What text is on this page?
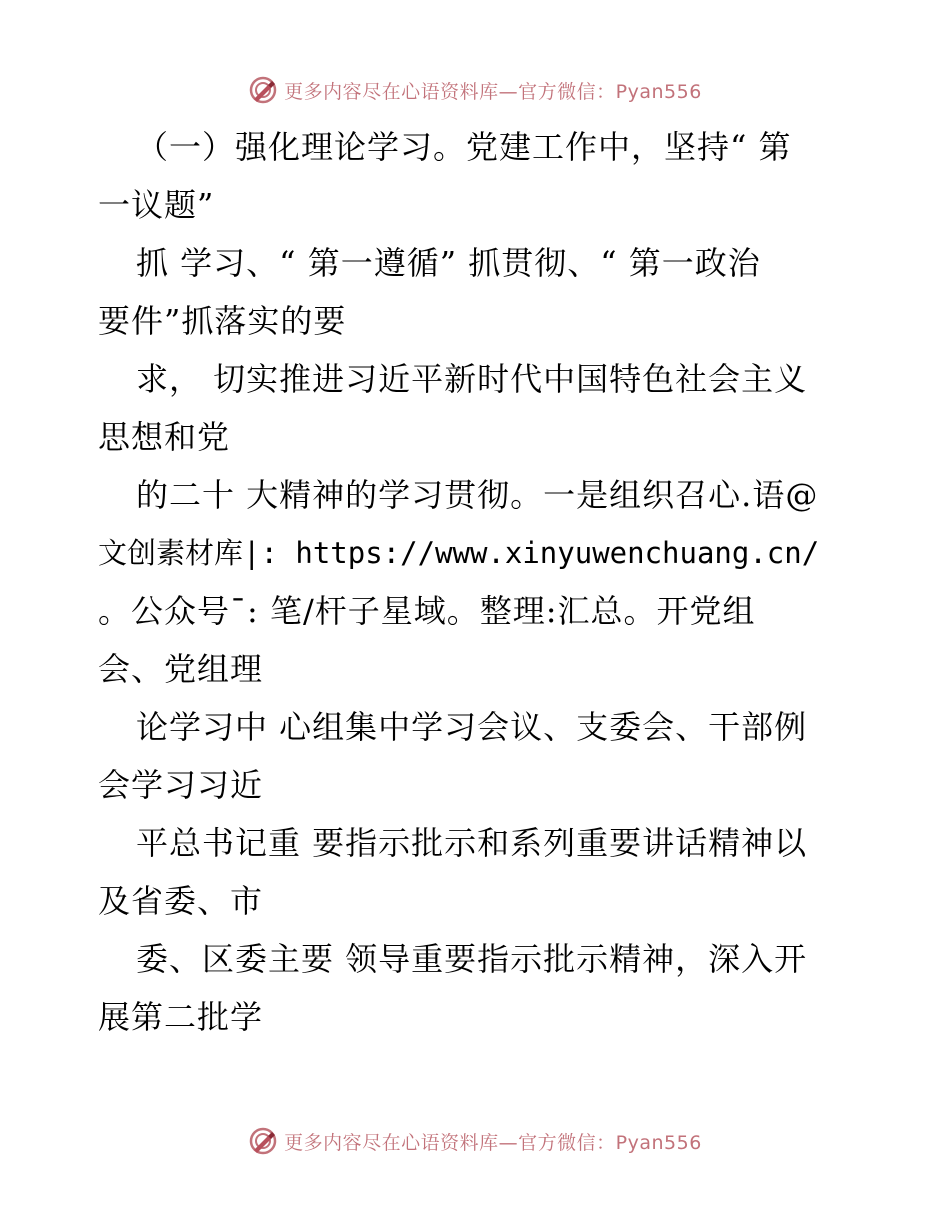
更多内容尽在心语资料库—官方微信：Pyan556
（一）强化理论学习。党建工作中，坚持“ 第
一议题”
抓 学习、“ 第一遵循” 抓贯彻、“ 第一政治
要件”抓落实的要
求， 切实推进习近平新时代中国特色社会主义
思想和党
的二十 大精神的学习贯彻。一是组织召心.语@
文创素材库|: https://www.xinyuwenchuang.cn/
。公众号¯: 笔/杆子星域。整理:汇总。开党组
会、党组理
论学习中 心组集中学习会议、支委会、干部例
会学习习近
平总书记重 要指示批示和系列重要讲话精神以
及省委、市
委、区委主要 领导重要指示批示精神，深入开
展第二批学
更多内容尽在心语资料库—官方微信：Pyan556
